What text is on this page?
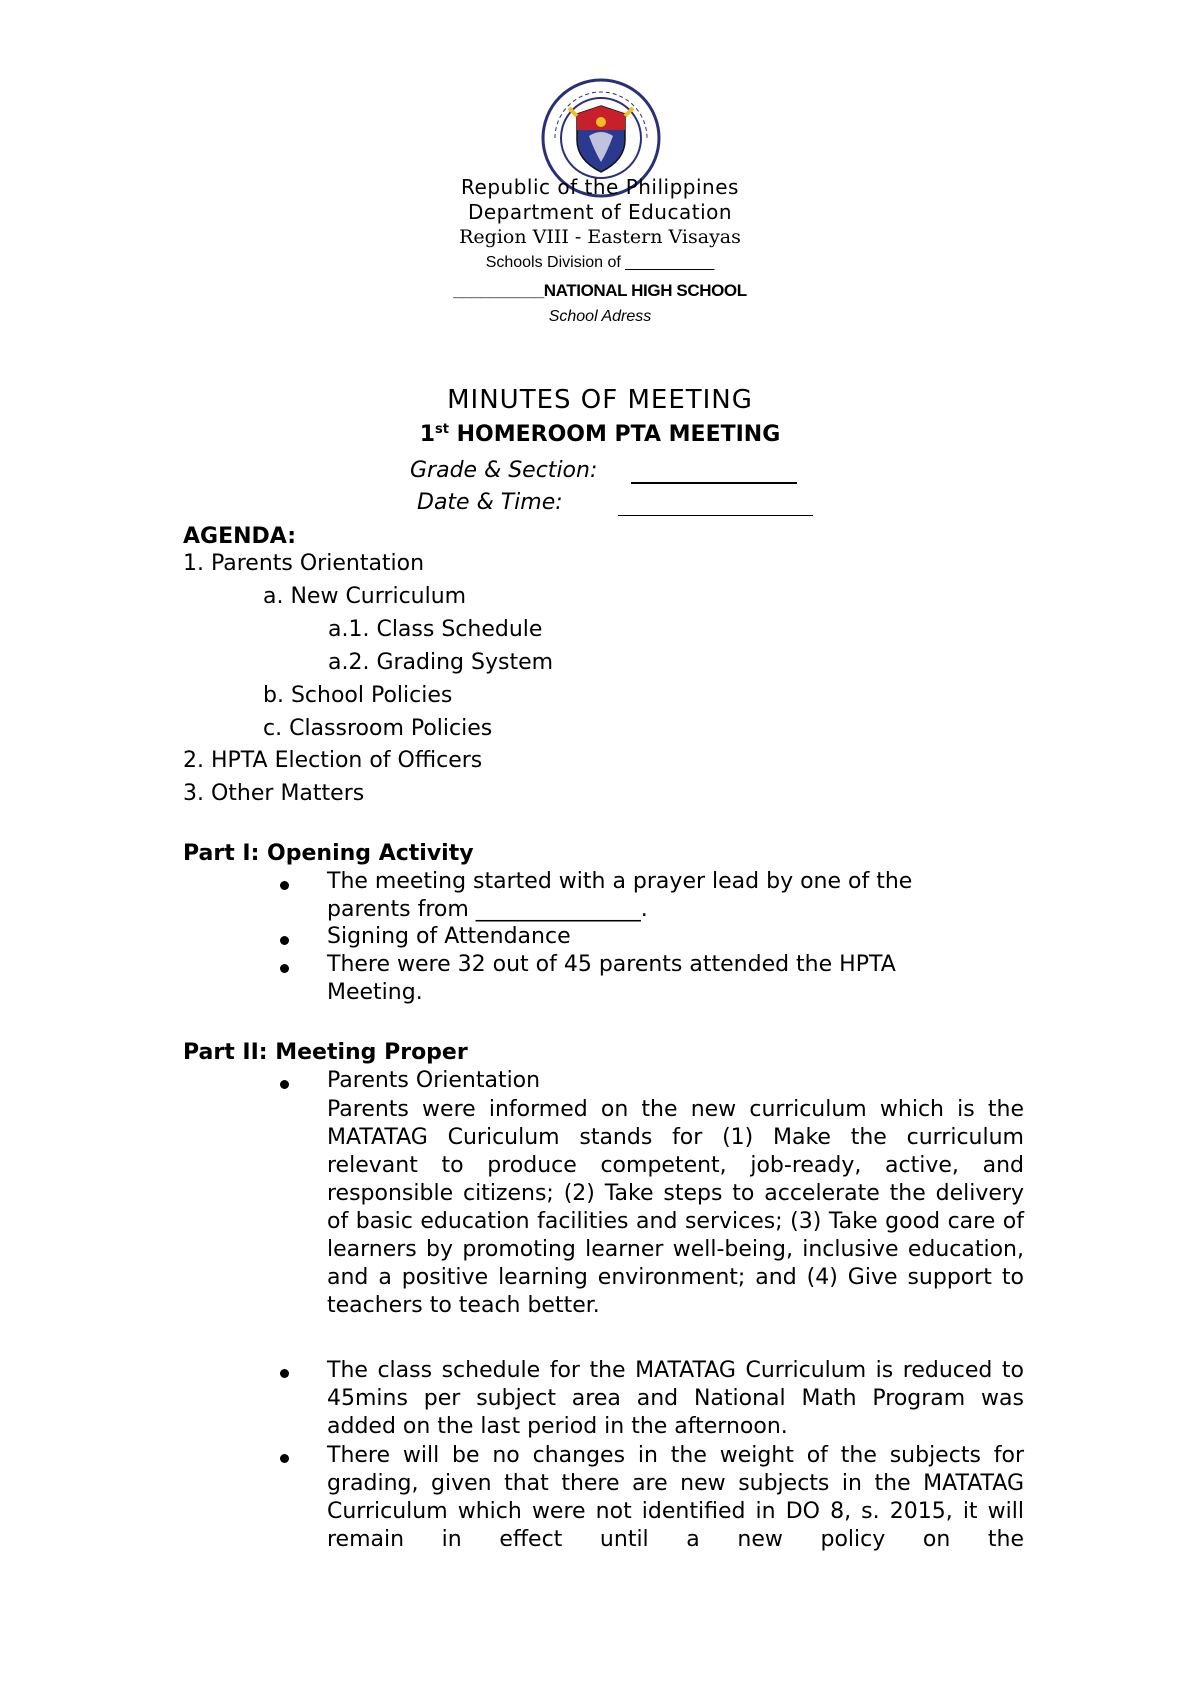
Republic of the Philippines
Department of Education
Region VIII - Eastern Visayas
Schools Division of __________
__________NATIONAL HIGH SCHOOL
School Adress
MINUTES OF MEETING
1st HOMEROOM PTA MEETING
Grade & Section:
Date & Time:
AGENDA:
1. Parents Orientation
a. New Curriculum
a.1. Class Schedule
a.2. Grading System
b. School Policies
c. Classroom Policies
2. HPTA Election of Officers
3. Other Matters
Part I: Opening Activity
The meeting started with a prayer lead by one of the
parents from _______________.
Signing of Attendance
There were 32 out of 45 parents attended the HPTA
Meeting.
Part II: Meeting Proper
Parents Orientation
Parents were informed on the new curriculum which is the MATATAG Curiculum stands for (1) Make the curriculum relevant to produce competent, job-ready, active, and responsible citizens; (2) Take steps to accelerate the delivery of basic education facilities and services; (3) Take good care of learners by promoting learner well-being, inclusive education, and a positive learning environment; and (4) Give support to teachers to teach better.
The class schedule for the MATATAG Curriculum is reduced to 45mins per subject area and National Math Program was added on the last period in the afternoon.
There will be no changes in the weight of the subjects for grading, given that there are new subjects in the MATATAG Curriculum which were not identified in DO 8, s. 2015, it will remain in effect until a new policy on the
